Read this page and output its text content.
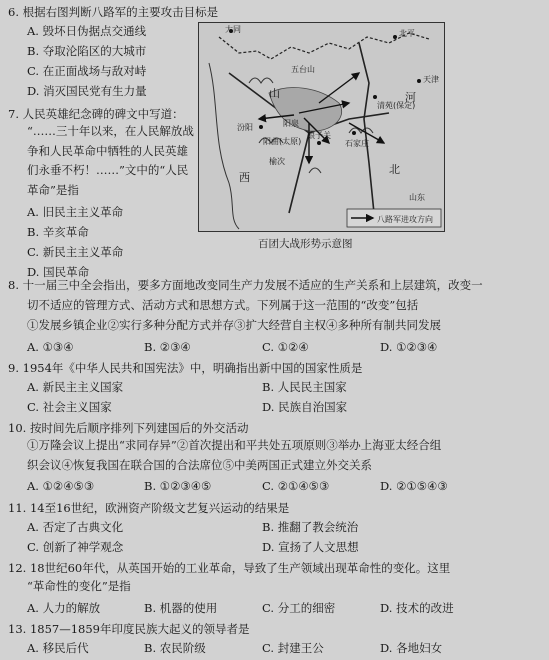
6. 根据右图判断八路军的主要攻击目标是
A. 毁坏日伪据点交通线
B. 夺取沦陷区的大城市
C. 在正面战场与敌对峙
D. 消灭国民党有生力量
7. 人民英雄纪念碑的碑文中写道：
“……三十年以来，在人民解放战
争和人民革命中牺牲的人民英雄
们永垂不朽！……”文中的“人民
革命”是指
A. 旧民主主义革命
B. 辛亥革命
C. 新民主主义革命
D. 国民革命
大同	北平
天津
五台山
山	河
清苑(保定)
汾阳
阳曲(太原)
娘子关
阳泉
石家庄
榆次
西
北
山东
八路军进攻方向
百团大战形势示意图
8. 十一届三中全会指出，要多方面地改变同生产力发展不适应的生产关系和上层建筑，改变一
切不适应的管理方式、活动方式和思想方式。下列属于这一范围的“改变”包括
①发展乡镇企业②实行多种分配方式并存③扩大经营自主权④多种所有制共同发展
A. ①③④	B. ②③④	C. ①②④	D. ①②③④
9. 1954年《中华人民共和国宪法》中，明确指出新中国的国家性质是
A. 新民主主义国家	B. 人民民主国家
C. 社会主义国家	D. 民族自治国家
10. 按时间先后顺序排列下列建国后的外交活动
①万隆会议上提出“求同存异”②首次提出和平共处五项原则③举办上海亚太经合组
织会议④恢复我国在联合国的合法席位⑤中美两国正式建立外交关系
A. ①②④⑤③	B. ①②③④⑤	C. ②①④⑤③	D. ②①⑤④③
11. 14至16世纪，欧洲资产阶级文艺复兴运动的结果是
A. 否定了古典文化	B. 推翻了教会统治
C. 创新了神学观念	D. 宣扬了人文思想
12. 18世纪60年代，从英国开始的工业革命，导致了生产领域出现革命性的变化。这里
“革命性的变化”是指
A. 人力的解放	B. 机器的使用	C. 分工的细密	D. 技术的改进
13. 1857—1859年印度民族大起义的领导者是
A. 移民后代	B. 农民阶级	C. 封建王公	D. 各地妇女
